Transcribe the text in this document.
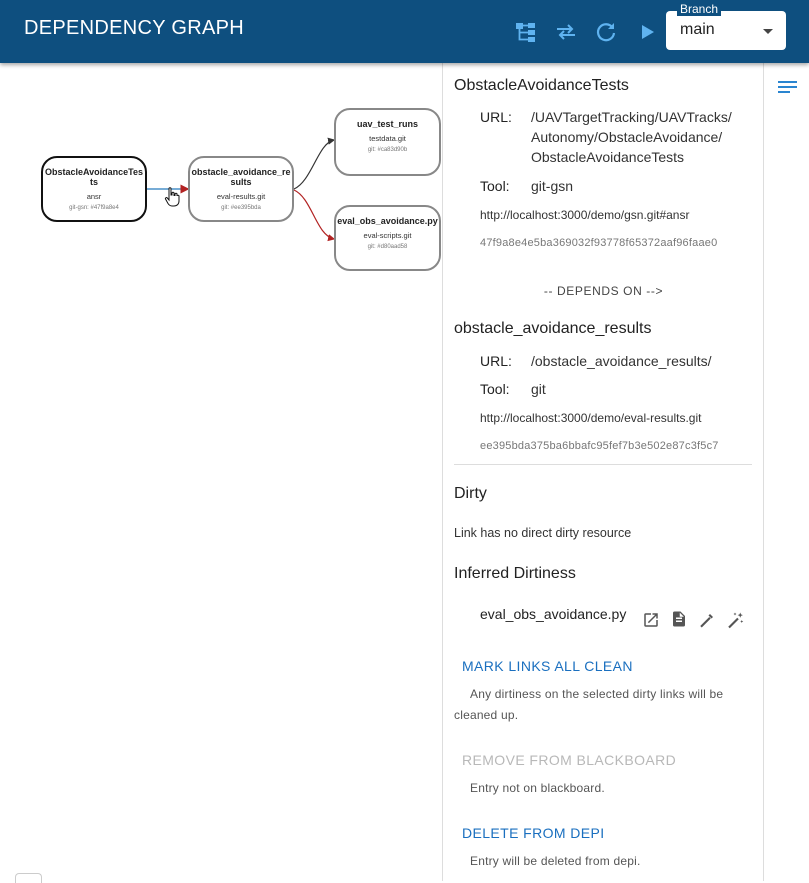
DEPENDENCY GRAPH
Branch
main
ObstacleAvoidanceTests
ansr
git-gsn: #47f9a8e4
obstacle_avoidance_results
eval-results.git
git: #ee395bda
uav_test_runs
testdata.git
git: #ca83d90b
eval_obs_avoidance.py
eval-scripts.git
git: #d80aad58
ObstacleAvoidanceTests
URL: /UAVTargetTracking/UAVTracks/
Autonomy/ObstacleAvoidance/
ObstacleAvoidanceTests
Tool: git-gsn
http://localhost:3000/demo/gsn.git#ansr
47f9a8e4e5ba369032f93778f65372aaf96faae0
-- DEPENDS ON -->
obstacle_avoidance_results
URL: /obstacle_avoidance_results/
Tool: git
http://localhost:3000/demo/eval-results.git
ee395bda375ba6bbafc95fef7b3e502e87c3f5c7
Dirty
Link has no direct dirty resource
Inferred Dirtiness
eval_obs_avoidance.py
MARK LINKS ALL CLEAN
Any dirtiness on the selected dirty links will be cleaned up.
REMOVE FROM BLACKBOARD
Entry not on blackboard.
DELETE FROM DEPI
Entry will be deleted from depi.
